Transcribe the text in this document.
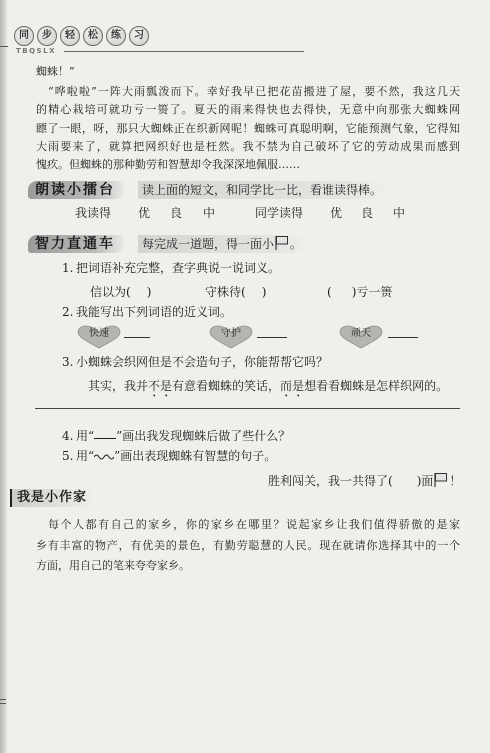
同	步	轻	松	练	习
TBQSLX
蜘蛛！”
“哗啦啦”一阵大雨瓢泼而下。幸好我早已把花苗搬进了屋，要不然，我这几天
的精心栽培可就功亏一篑了。夏天的雨来得快也去得快，无意中向那张大蜘蛛网
瞟了一眼，呀，那只大蜘蛛正在织新网呢！蜘蛛可真聪明啊，它能预测气象，它得知
大雨要来了，就算把网织好也是枉然。我不禁为自己破坏了它的劳动成果而感到
愧疚。但蜘蛛的那种勤劳和智慧却令我深深地佩服……
朗读小擂台	读上面的短文，和同学比一比，看谁读得棒。
我读得 优 良 中	同学读得 优 良 中
智力直通车	每完成一道题，得一面小 。
1. 把词语补充完整，查字典说一说词义。
信以为( )	守株待( )	( )亏一篑
2. 我能写出下列词语的近义词。
快速	守护	顽天
3. 小蜘蛛会织网但是不会造句子，你能帮帮它吗？
其实，我并不是有意看蜘蛛的笑话，而是想看看蜘蛛是怎样织网的。
4. 用“ ”画出我发现蜘蛛后做了些什么？
5. 用“ ”画出表现蜘蛛有智慧的句子。
胜利闯关，我一共得了( )面 ！
我是小作家
每个人都有自己的家乡，你的家乡在哪里？说起家乡让我们值得骄傲的是家
乡有丰富的物产，有优美的景色，有勤劳聪慧的人民。现在就请你选择其中的一个
方面，用自己的笔来夸夸家乡。
